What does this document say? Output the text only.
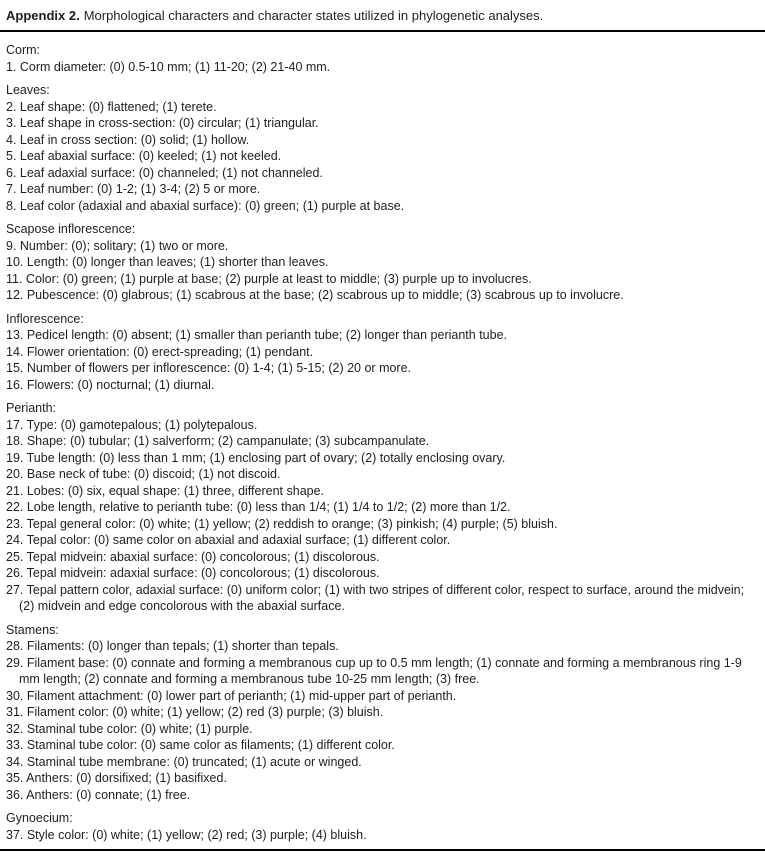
Appendix 2. Morphological characters and character states utilized in phylogenetic analyses.
Corm:
1. Corm diameter: (0) 0.5-10 mm; (1) 11-20; (2) 21-40 mm.
Leaves:
2. Leaf shape: (0) flattened; (1) terete.
3. Leaf shape in cross-section: (0) circular; (1) triangular.
4. Leaf in cross section: (0) solid; (1) hollow.
5. Leaf abaxial surface: (0) keeled; (1) not keeled.
6. Leaf adaxial surface: (0) channeled; (1) not channeled.
7. Leaf number: (0) 1-2; (1) 3-4; (2) 5 or more.
8. Leaf color (adaxial and abaxial surface): (0) green; (1) purple at base.
Scapose inflorescence:
9. Number: (0); solitary; (1) two or more.
10. Length: (0) longer than leaves; (1) shorter than leaves.
11. Color: (0) green; (1) purple at base; (2) purple at least to middle; (3) purple up to involucres.
12. Pubescence: (0) glabrous; (1) scabrous at the base; (2) scabrous up to middle; (3) scabrous up to involucre.
Inflorescence:
13. Pedicel length: (0) absent; (1) smaller than perianth tube; (2) longer than perianth tube.
14. Flower orientation: (0) erect-spreading; (1) pendant.
15. Number of flowers per inflorescence: (0) 1-4; (1) 5-15; (2) 20 or more.
16. Flowers: (0) nocturnal; (1) diurnal.
Perianth:
17. Type: (0) gamotepalous; (1) polytepalous.
18. Shape: (0) tubular; (1) salverform; (2) campanulate; (3) subcampanulate.
19. Tube length: (0) less than 1 mm; (1) enclosing part of ovary; (2) totally enclosing ovary.
20. Base neck of tube: (0) discoid; (1) not discoid.
21. Lobes: (0) six, equal shape: (1) three, different shape.
22. Lobe length, relative to perianth tube: (0) less than 1/4; (1) 1/4 to 1/2; (2) more than 1/2.
23. Tepal general color: (0) white; (1) yellow; (2) reddish to orange; (3) pinkish; (4) purple; (5) bluish.
24. Tepal color: (0) same color on abaxial and adaxial surface; (1) different color.
25. Tepal midvein: abaxial surface: (0) concolorous; (1) discolorous.
26. Tepal midvein: adaxial surface: (0) concolorous; (1) discolorous.
27. Tepal pattern color, adaxial surface: (0) uniform color; (1) with two stripes of different color, respect to surface, around the midvein; (2) midvein and edge concolorous with the abaxial surface.
Stamens:
28. Filaments: (0) longer than tepals; (1) shorter than tepals.
29. Filament base: (0) connate and forming a membranous cup up to 0.5 mm length; (1) connate and forming a membranous ring 1-9 mm length; (2) connate and forming a membranous tube 10-25 mm length; (3) free.
30. Filament attachment: (0) lower part of perianth; (1) mid-upper part of perianth.
31. Filament color: (0) white; (1) yellow; (2) red (3) purple; (3) bluish.
32. Staminal tube color: (0) white; (1) purple.
33. Staminal tube color: (0) same color as filaments; (1) different color.
34. Staminal tube membrane: (0) truncated; (1) acute or winged.
35. Anthers: (0) dorsifixed; (1) basifixed.
36. Anthers: (0) connate; (1) free.
Gynoecium:
37. Style color: (0) white; (1) yellow; (2) red; (3) purple; (4) bluish.
